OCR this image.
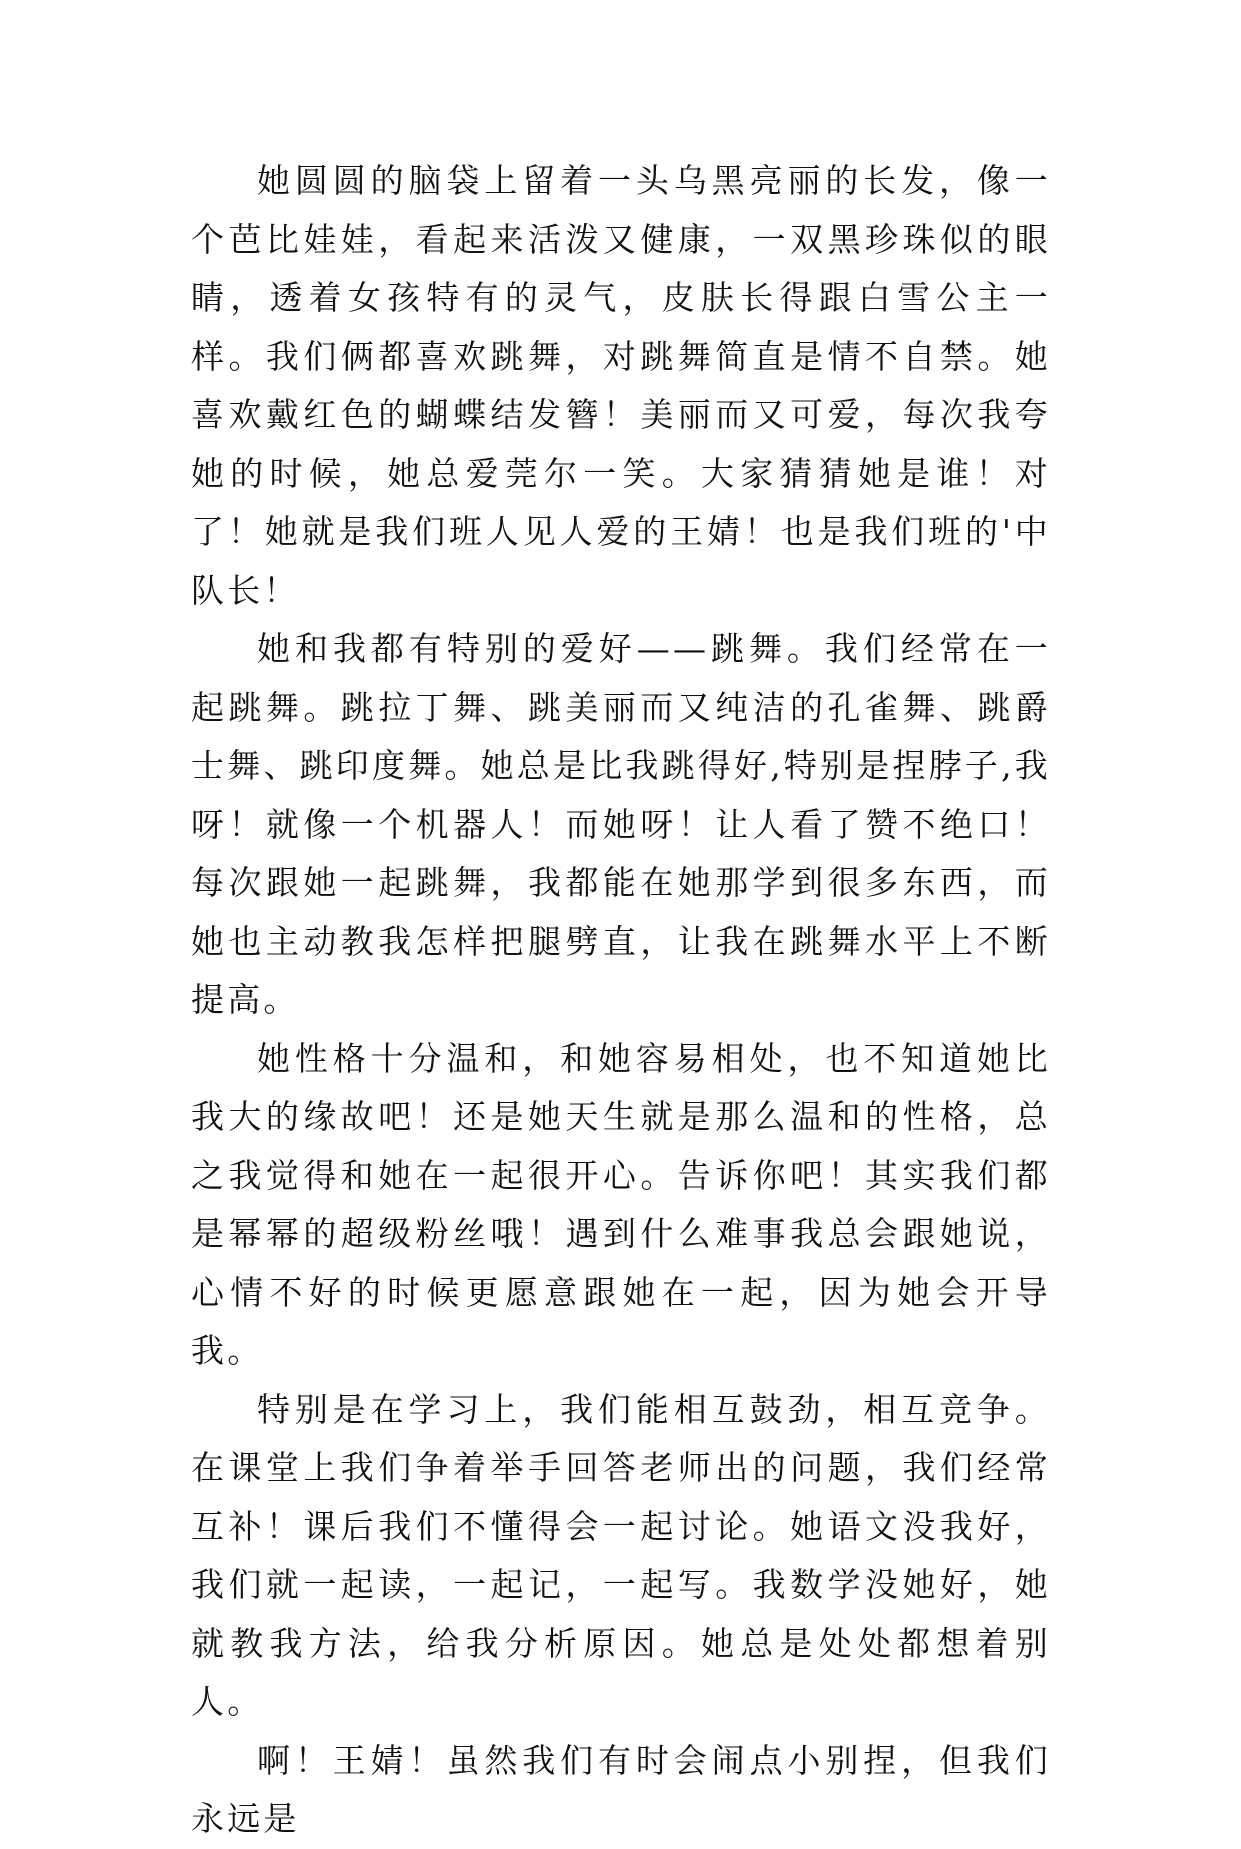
她圆圆的脑袋上留着一头乌黑亮丽的长发，像一个芭比娃娃，看起来活泼又健康，一双黑珍珠似的眼睛，透着女孩特有的灵气，皮肤长得跟白雪公主一样。我们俩都喜欢跳舞，对跳舞简直是情不自禁。她喜欢戴红色的蝴蝶结发簪！美丽而又可爱，每次我夸她的时候，她总爱莞尔一笑。大家猜猜她是谁！对了！她就是我们班人见人爱的王婧！也是我们班的'中队长！

她和我都有特别的爱好——跳舞。我们经常在一起跳舞。跳拉丁舞、跳美丽而又纯洁的孔雀舞、跳爵士舞、跳印度舞。她总是比我跳得好,特别是捏脖子,我呀！就像一个机器人！而她呀！让人看了赞不绝口！每次跟她一起跳舞，我都能在她那学到很多东西，而她也主动教我怎样把腿劈直，让我在跳舞水平上不断提高。

她性格十分温和，和她容易相处，也不知道她比我大的缘故吧！还是她天生就是那么温和的性格，总之我觉得和她在一起很开心。告诉你吧！其实我们都是幂幂的超级粉丝哦！遇到什么难事我总会跟她说，心情不好的时候更愿意跟她在一起，因为她会开导我。

特别是在学习上，我们能相互鼓劲，相互竞争。在课堂上我们争着举手回答老师出的问题，我们经常互补！课后我们不懂得会一起讨论。她语文没我好，我们就一起读，一起记，一起写。我数学没她好，她就教我方法，给我分析原因。她总是处处都想着别人。

啊！王婧！虽然我们有时会闹点小别捏，但我们永远是
